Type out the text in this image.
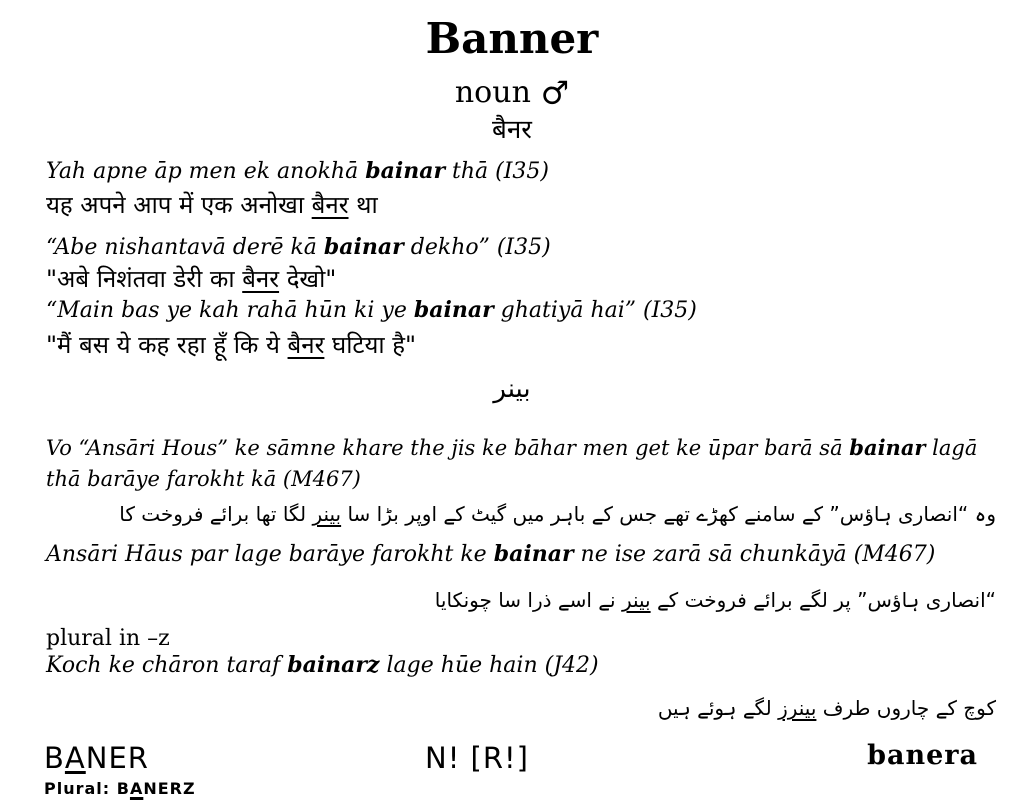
Banner
noun ♂
बैनर
Yah apne āp men ek anokhā bainar thā (I35)
यह अपने आप में एक अनोखा बैनर था
“Abe nishantavā derē kā bainar dekho” (I35)
"अबे निशंतवा डेरी का बैनर देखो"
“Main bas ye kah rahā hūn ki ye bainar ghatiyā hai” (I35)
"मैं बस ये कह रहा हूँ कि ये बैनर घटिया है"
بینر
Vo “Ansāri Hous” ke sāmne khare the jis ke bāhar men get ke ūpar barā sā bainar lagā thā barāye farokht kā (M467)
وہ “انصاری ہاؤس” کے سامنے کھڑے تھے جس کے باہر میں گیٹ کے اوپر بڑا سا بینر لگا تھا برائے فروخت کا
Ansāri Hāus par lage barāye farokht ke bainar ne ise zarā sā chunkāyā (M467)
“انصاری ہاؤس” پر لگے برائے فروخت کے بینر نے اسے ذرا سا چونکایا
plural in –z
Koch ke chāron taraf bainarz lage hūe hain (J42)
کوچ کے چاروں طرف بینرز لگے ہوئے ہیں
BANER	N! [R!]	banera
Plural: BANERZ
